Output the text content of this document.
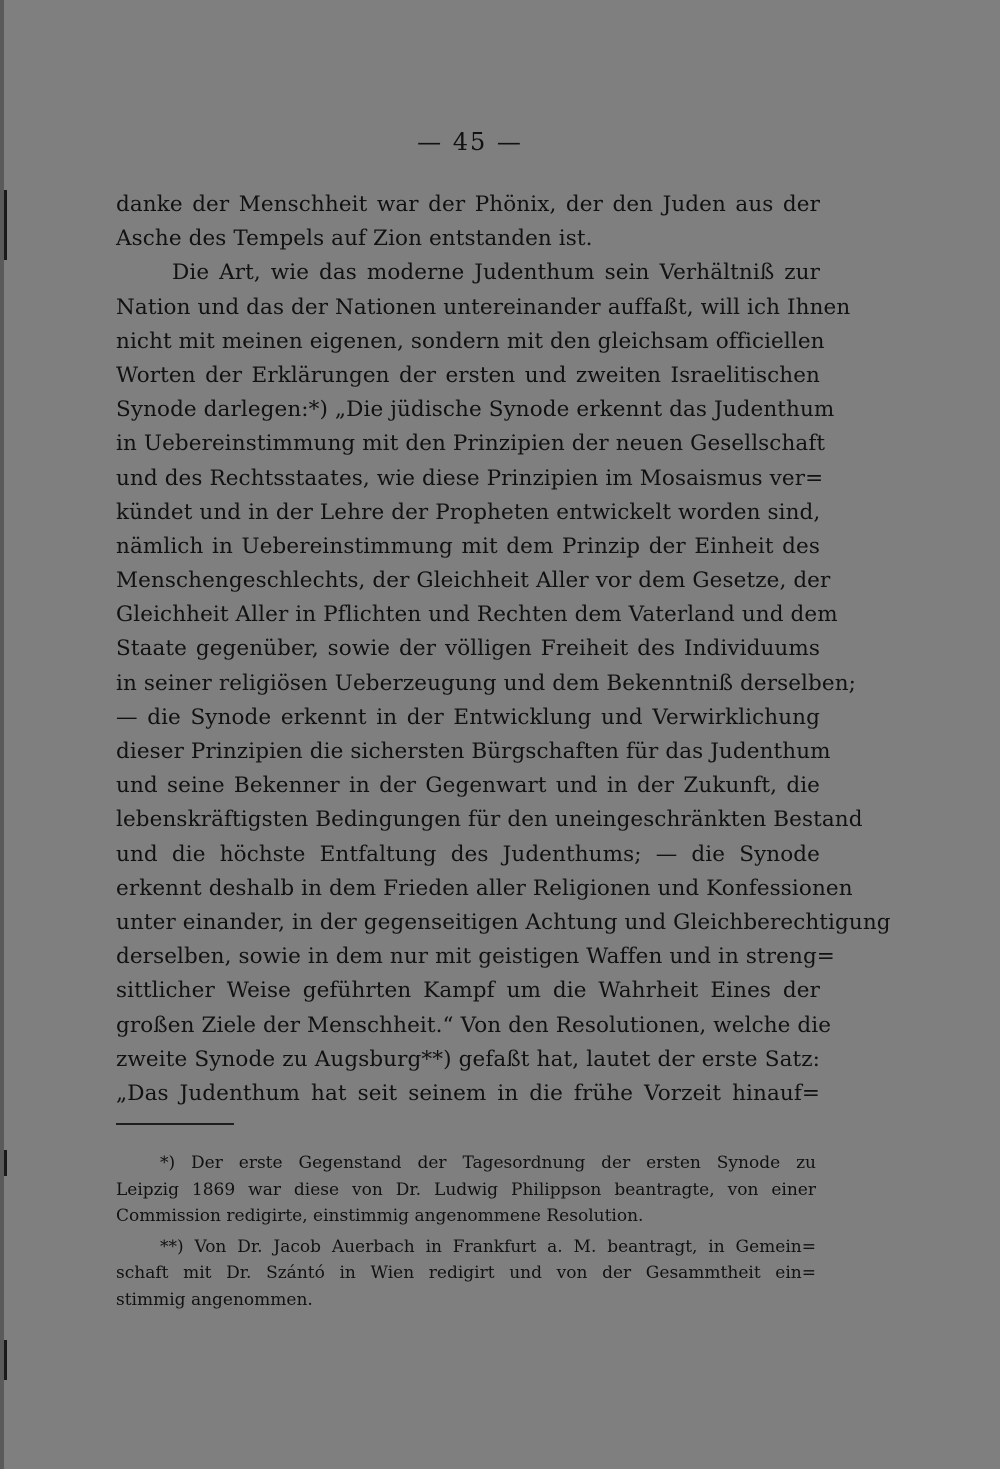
— 45 —
danke der Menschheit war der Phönix, der den Juden aus der
Asche des Tempels auf Zion entstanden ist.
Die Art, wie das moderne Judenthum sein Verhältniß zur
Nation und das der Nationen untereinander auffaßt, will ich Ihnen
nicht mit meinen eigenen, sondern mit den gleichsam officiellen
Worten der Erklärungen der ersten und zweiten Israelitischen
Synode darlegen:*) „Die jüdische Synode erkennt das Judenthum
in Uebereinstimmung mit den Prinzipien der neuen Gesellschaft
und des Rechtsstaates, wie diese Prinzipien im Mosaismus ver=
kündet und in der Lehre der Propheten entwickelt worden sind,
nämlich in Uebereinstimmung mit dem Prinzip der Einheit des
Menschengeschlechts, der Gleichheit Aller vor dem Gesetze, der
Gleichheit Aller in Pflichten und Rechten dem Vaterland und dem
Staate gegenüber, sowie der völligen Freiheit des Individuums
in seiner religiösen Ueberzeugung und dem Bekenntniß derselben;
— die Synode erkennt in der Entwicklung und Verwirklichung
dieser Prinzipien die sichersten Bürgschaften für das Judenthum
und seine Bekenner in der Gegenwart und in der Zukunft, die
lebenskräftigsten Bedingungen für den uneingeschränkten Bestand
und die höchste Entfaltung des Judenthums; — die Synode
erkennt deshalb in dem Frieden aller Religionen und Konfessionen
unter einander, in der gegenseitigen Achtung und Gleichberechtigung
derselben, sowie in dem nur mit geistigen Waffen und in streng=
sittlicher Weise geführten Kampf um die Wahrheit Eines der
großen Ziele der Menschheit.“ Von den Resolutionen, welche die
zweite Synode zu Augsburg**) gefaßt hat, lautet der erste Satz:
„Das Judenthum hat seit seinem in die frühe Vorzeit hinauf=
*) Der erste Gegenstand der Tagesordnung der ersten Synode zu
Leipzig 1869 war diese von Dr. Ludwig Philippson beantragte, von einer
Commission redigirte, einstimmig angenommene Resolution.
**) Von Dr. Jacob Auerbach in Frankfurt a. M. beantragt, in Gemein=
schaft mit Dr. Szántó in Wien redigirt und von der Gesammtheit ein=
stimmig angenommen.
